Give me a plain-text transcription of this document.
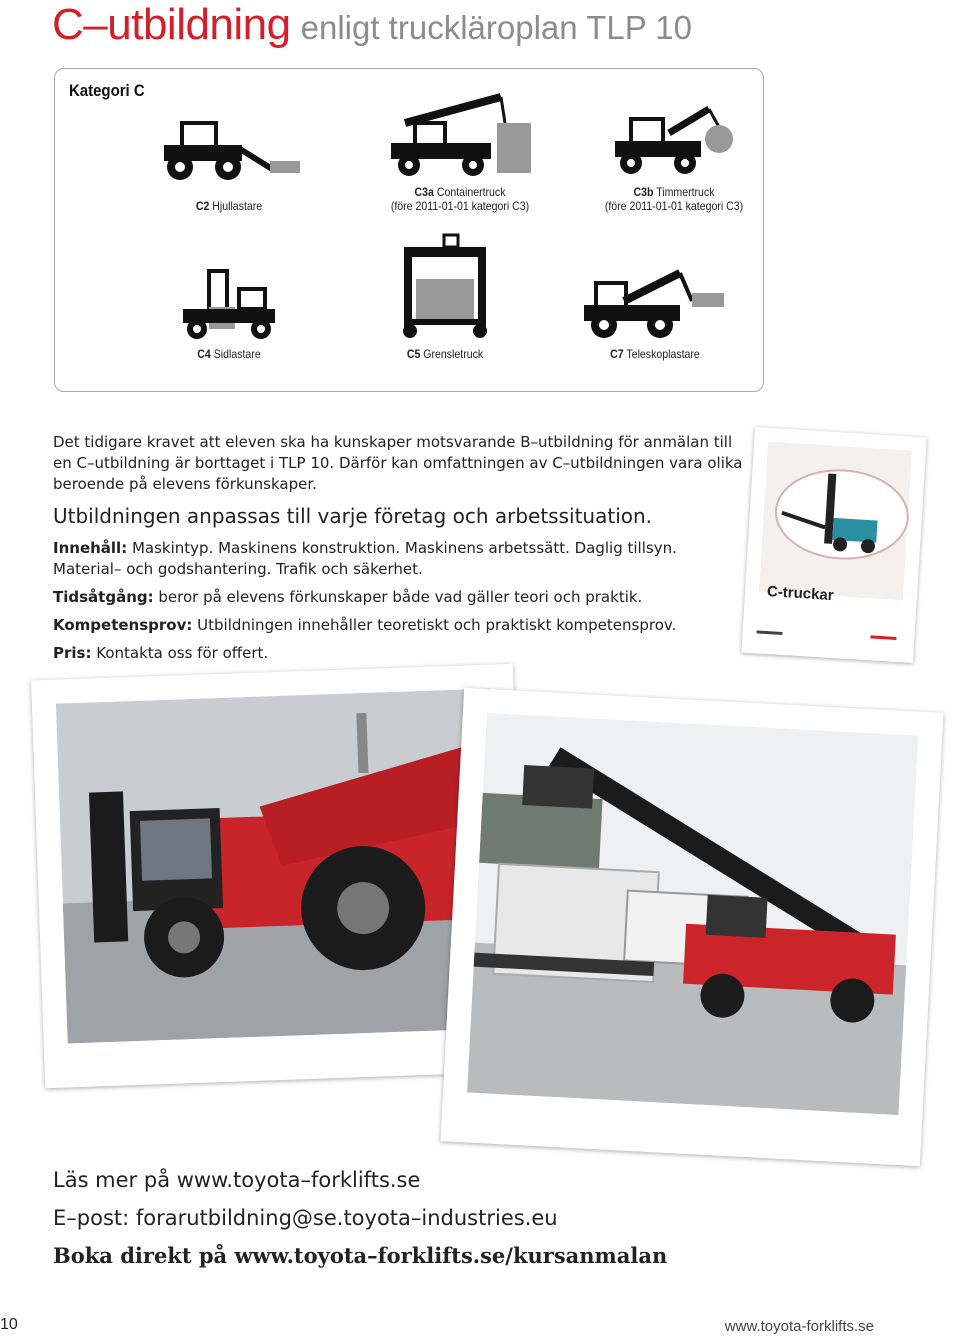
C–utbildning enligt truckläroplan TLP 10
Kategori C
C2 Hjullastare
C3a Containertruck
(före 2011-01-01 kategori C3)
C3b Timmertruck
(före 2011-01-01 kategori C3)
C4 Sidlastare	C5 Grensletruck	C7 Teleskoplastare
Det tidigare kravet att eleven ska ha kunskaper motsvarande B–utbildning för anmälan till en C–utbildning är borttaget i TLP 10. Därför kan omfattningen av C–utbildningen vara olika beroende på elevens förkunskaper.
Utbildningen anpassas till varje företag och arbetssituation.
Innehåll: Maskintyp. Maskinens konstruktion. Maskinens arbetssätt. Daglig tillsyn. Material– och godshantering. Trafik och säkerhet.
Tidsåtgång: beror på elevens förkunskaper både vad gäller teori och praktik.
Kompetensprov: Utbildningen innehåller teoretiskt och praktiskt kompetensprov.
Pris: Kontakta oss för offert.
C-truckar
Läs mer på www.toyota–forklifts.se
E–post: forarutbildning@se.toyota–industries.eu
Boka direkt på www.toyota–forklifts.se/kursanmalan
10	www.toyota-forklifts.se
